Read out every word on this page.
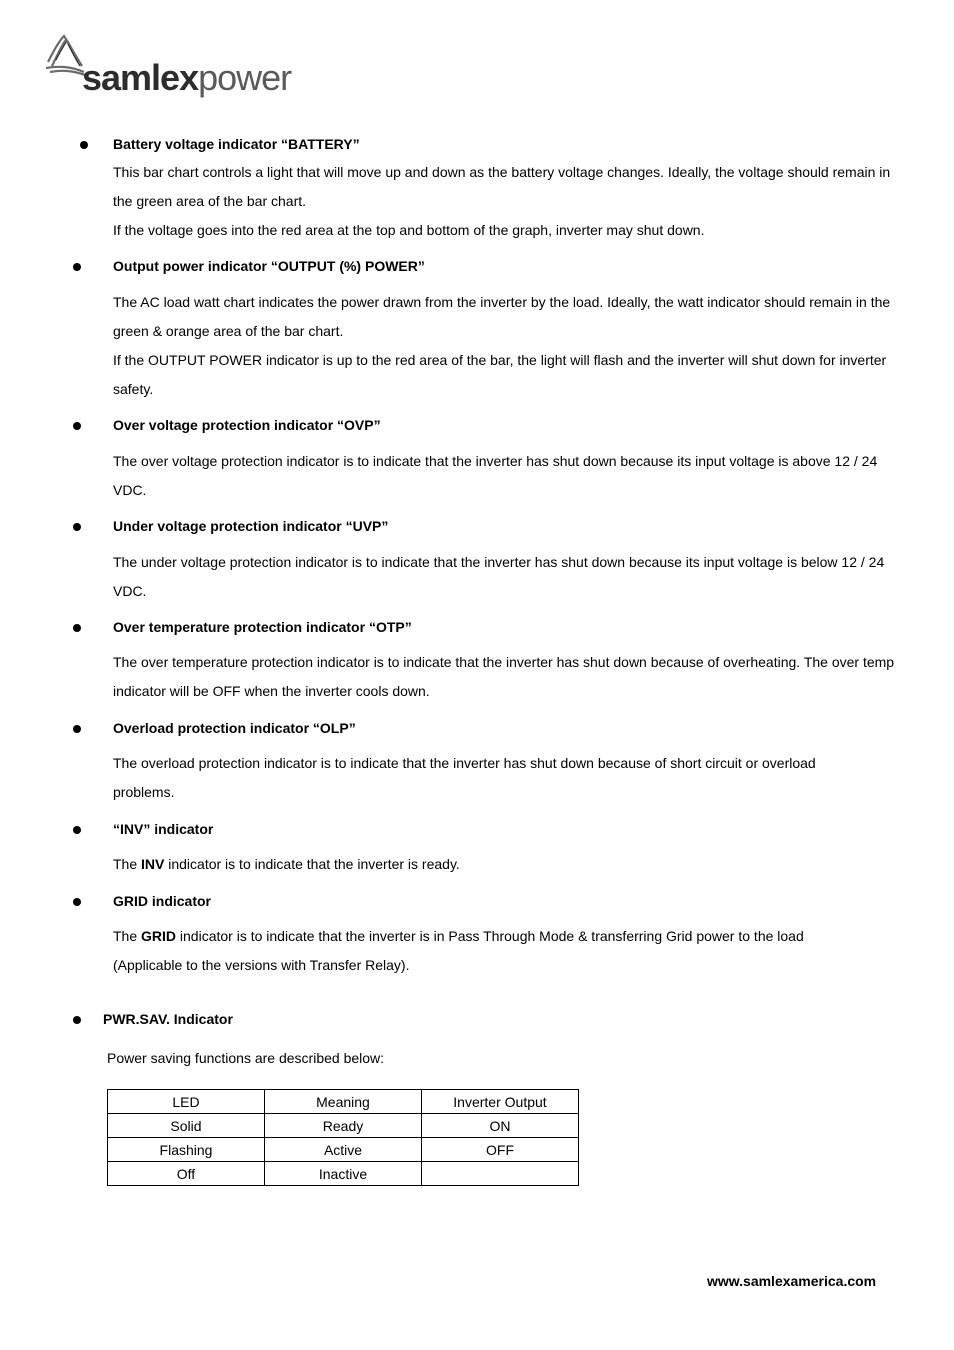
samlexpower
Battery voltage indicator “BATTERY”

This bar chart controls a light that will move up and down as the battery voltage changes. Ideally, the voltage should remain in the green area of the bar chart.

If the voltage goes into the red area at the top and bottom of the graph, inverter may shut down.

Output power indicator “OUTPUT (%) POWER”

The AC load watt chart indicates the power drawn from the inverter by the load. Ideally, the watt indicator should remain in the green & orange area of the bar chart.

If the OUTPUT POWER indicator is up to the red area of the bar, the light will flash and the inverter will shut down for inverter safety.

Over voltage protection indicator “OVP”

The over voltage protection indicator is to indicate that the inverter has shut down because its input voltage is above 12 / 24 VDC.

Under voltage protection indicator “UVP”

The under voltage protection indicator is to indicate that the inverter has shut down because its input voltage is below 12 / 24 VDC.

Over temperature protection indicator “OTP”

The over temperature protection indicator is to indicate that the inverter has shut down because of overheating. The over temp indicator will be OFF when the inverter cools down.

Overload protection indicator “OLP”

The overload protection indicator is to indicate that the inverter has shut down because of short circuit or overload problems.

“INV” indicator

The INV indicator is to indicate that the inverter is ready.

GRID indicator

The GRID indicator is to indicate that the inverter is in Pass Through Mode & transferring Grid power to the load (Applicable to the versions with Transfer Relay).

PWR.SAV. Indicator

Power saving functions are described below:

LED	Meaning	Inverter Output
Solid	Ready	ON
Flashing	Active	OFF
Off	Inactive	
www.samlexamerica.com
